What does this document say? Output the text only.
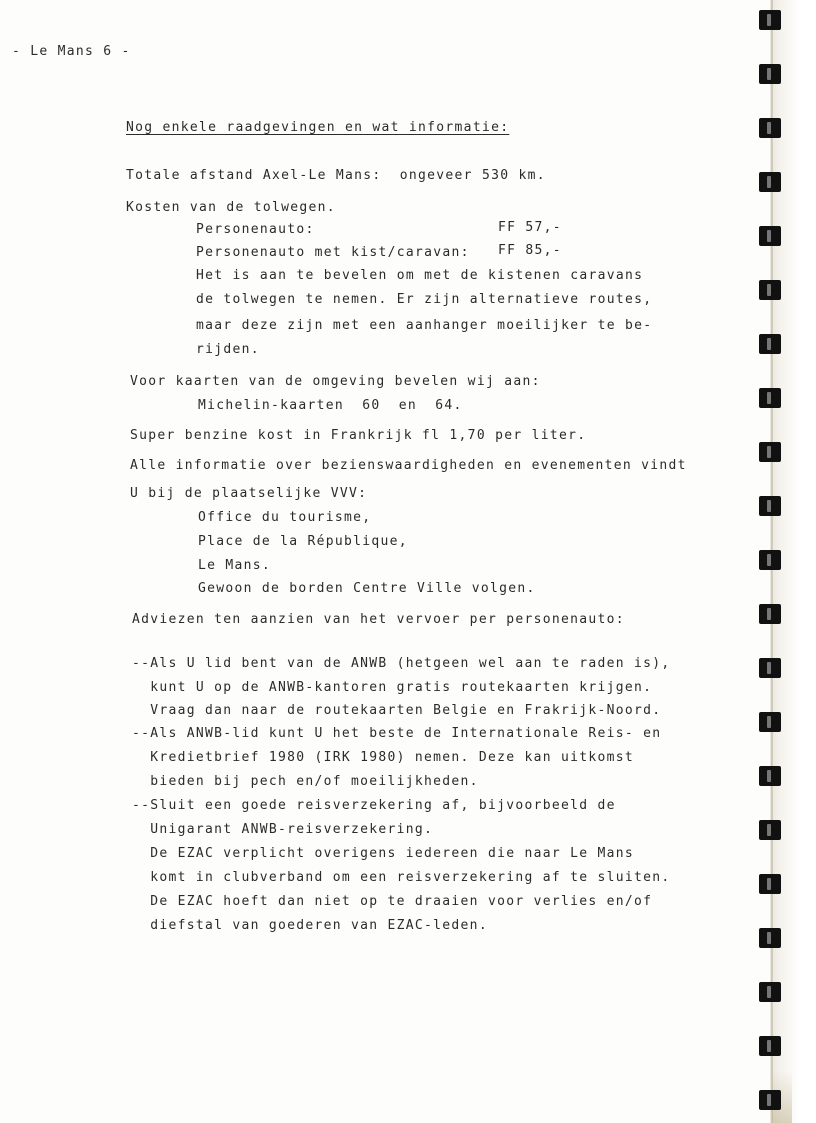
- Le Mans 6 -
Nog enkele raadgevingen en wat informatie:
Totale afstand Axel-Le Mans:  ongeveer 530 km.
Kosten van de tolwegen.
Personenauto:	FF 57,-
Personenauto met kist/caravan: FF 85,-
Het is aan te bevelen om met de kistenen caravans
de tolwegen te nemen. Er zijn alternatieve routes,
maar deze zijn met een aanhanger moeilijker te be-
rijden.
Voor kaarten van de omgeving bevelen wij aan:
Michelin-kaarten  60  en  64.
Super benzine kost in Frankrijk fl 1,70 per liter.
Alle informatie over bezienswaardigheden en evenementen vindt
U bij de plaatselijke VVV:
Office du tourisme,
Place de la République,
Le Mans.
Gewoon de borden Centre Ville volgen.
Adviezen ten aanzien van het vervoer per personenauto:
--Als U lid bent van de ANWB (hetgeen wel aan te raden is),
kunt U op de ANWB-kantoren gratis routekaarten krijgen.
Vraag dan naar de routekaarten Belgie en Frakrijk-Noord.
--Als ANWB-lid kunt U het beste de Internationale Reis- en
Kredietbrief 1980 (IRK 1980) nemen. Deze kan uitkomst
bieden bij pech en/of moeilijkheden.
--Sluit een goede reisverzekering af, bijvoorbeeld de
Unigarant ANWB-reisverzekering.
De EZAC verplicht overigens iedereen die naar Le Mans
komt in clubverband om een reisverzekering af te sluiten.
De EZAC hoeft dan niet op te draaien voor verlies en/of
diefstal van goederen van EZAC-leden.
